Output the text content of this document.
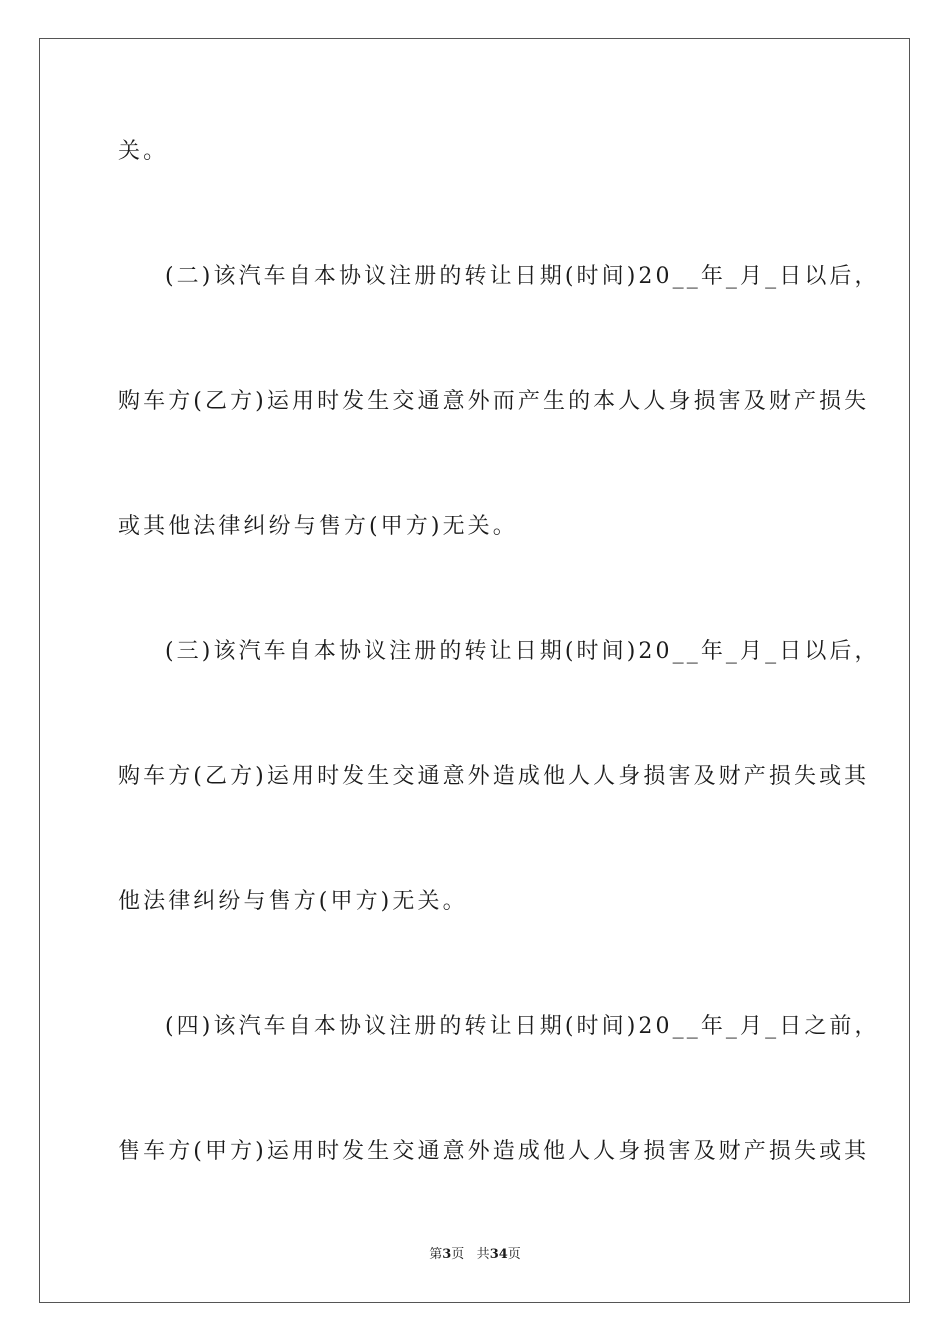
关。
(二)该汽车自本协议注册的转让日期(时间)20__年_月_日以后，
购车方(乙方)运用时发生交通意外而产生的本人人身损害及财产损失
或其他法律纠纷与售方(甲方)无关。
(三)该汽车自本协议注册的转让日期(时间)20__年_月_日以后，
购车方(乙方)运用时发生交通意外造成他人人身损害及财产损失或其
他法律纠纷与售方(甲方)无关。
(四)该汽车自本协议注册的转让日期(时间)20__年_月_日之前，
售车方(甲方)运用时发生交通意外造成他人人身损害及财产损失或其
第3页 共34页
